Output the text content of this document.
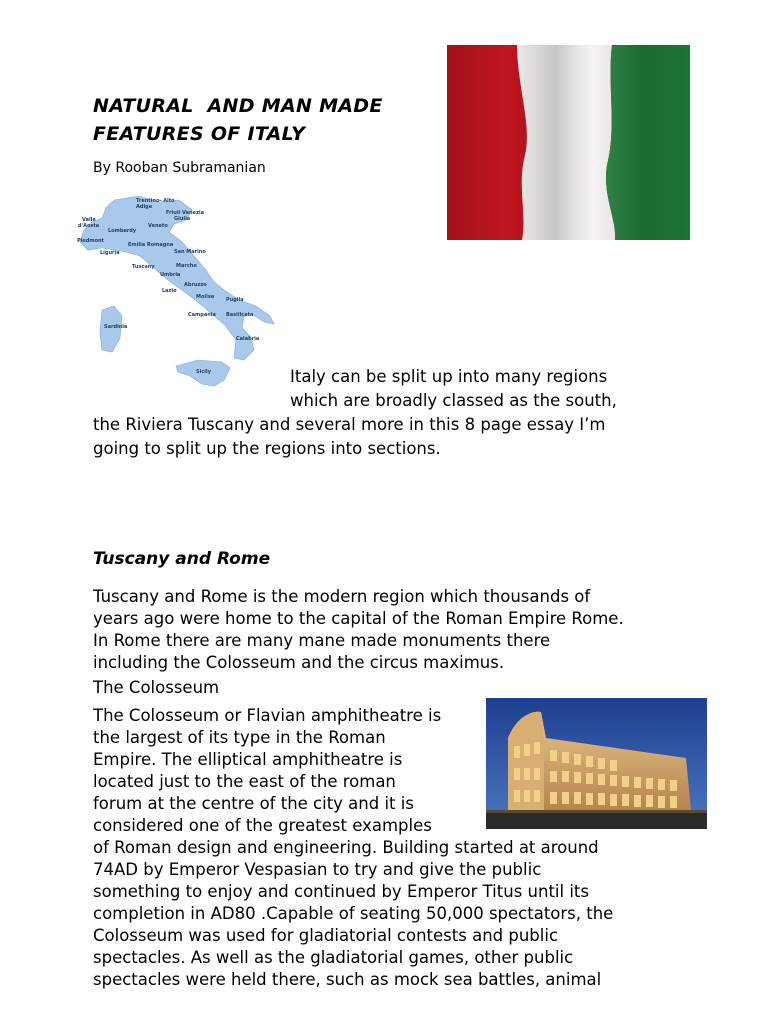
NATURAL  AND MAN MADE
FEATURES OF ITALY
By Rooban Subramanian
Trentino- Alto
Adige
Friuli Venezia
Giulia
Valle
d'Aosta
Lombardy
Veneto
Piedmont
Emilia Romagna
Liguria	San Marino
Tuscany	Marche
Umbria
Abruzzo
Lazio
Molise Puglia
Sardinia
Campania Basilicata
Calabria
Sicily	Italy can be split up into many regions
which are broadly classed as the south,
the Riviera Tuscany and several more in this 8 page essay I’m
going to split up the regions into sections.
Tuscany and Rome
Tuscany and Rome is the modern region which thousands of
years ago were home to the capital of the Roman Empire Rome.
In Rome there are many mane made monuments there
including the Colosseum and the circus maximus.
The Colosseum
The Colosseum or Flavian amphitheatre is
the largest of its type in the Roman
Empire. The elliptical amphitheatre is
located just to the east of the roman
forum at the centre of the city and it is
considered one of the greatest examples
of Roman design and engineering. Building started at around
74AD by Emperor Vespasian to try and give the public
something to enjoy and continued by Emperor Titus until its
completion in AD80 .Capable of seating 50,000 spectators, the
Colosseum was used for gladiatorial contests and public
spectacles. As well as the gladiatorial games, other public
spectacles were held there, such as mock sea battles, animal
